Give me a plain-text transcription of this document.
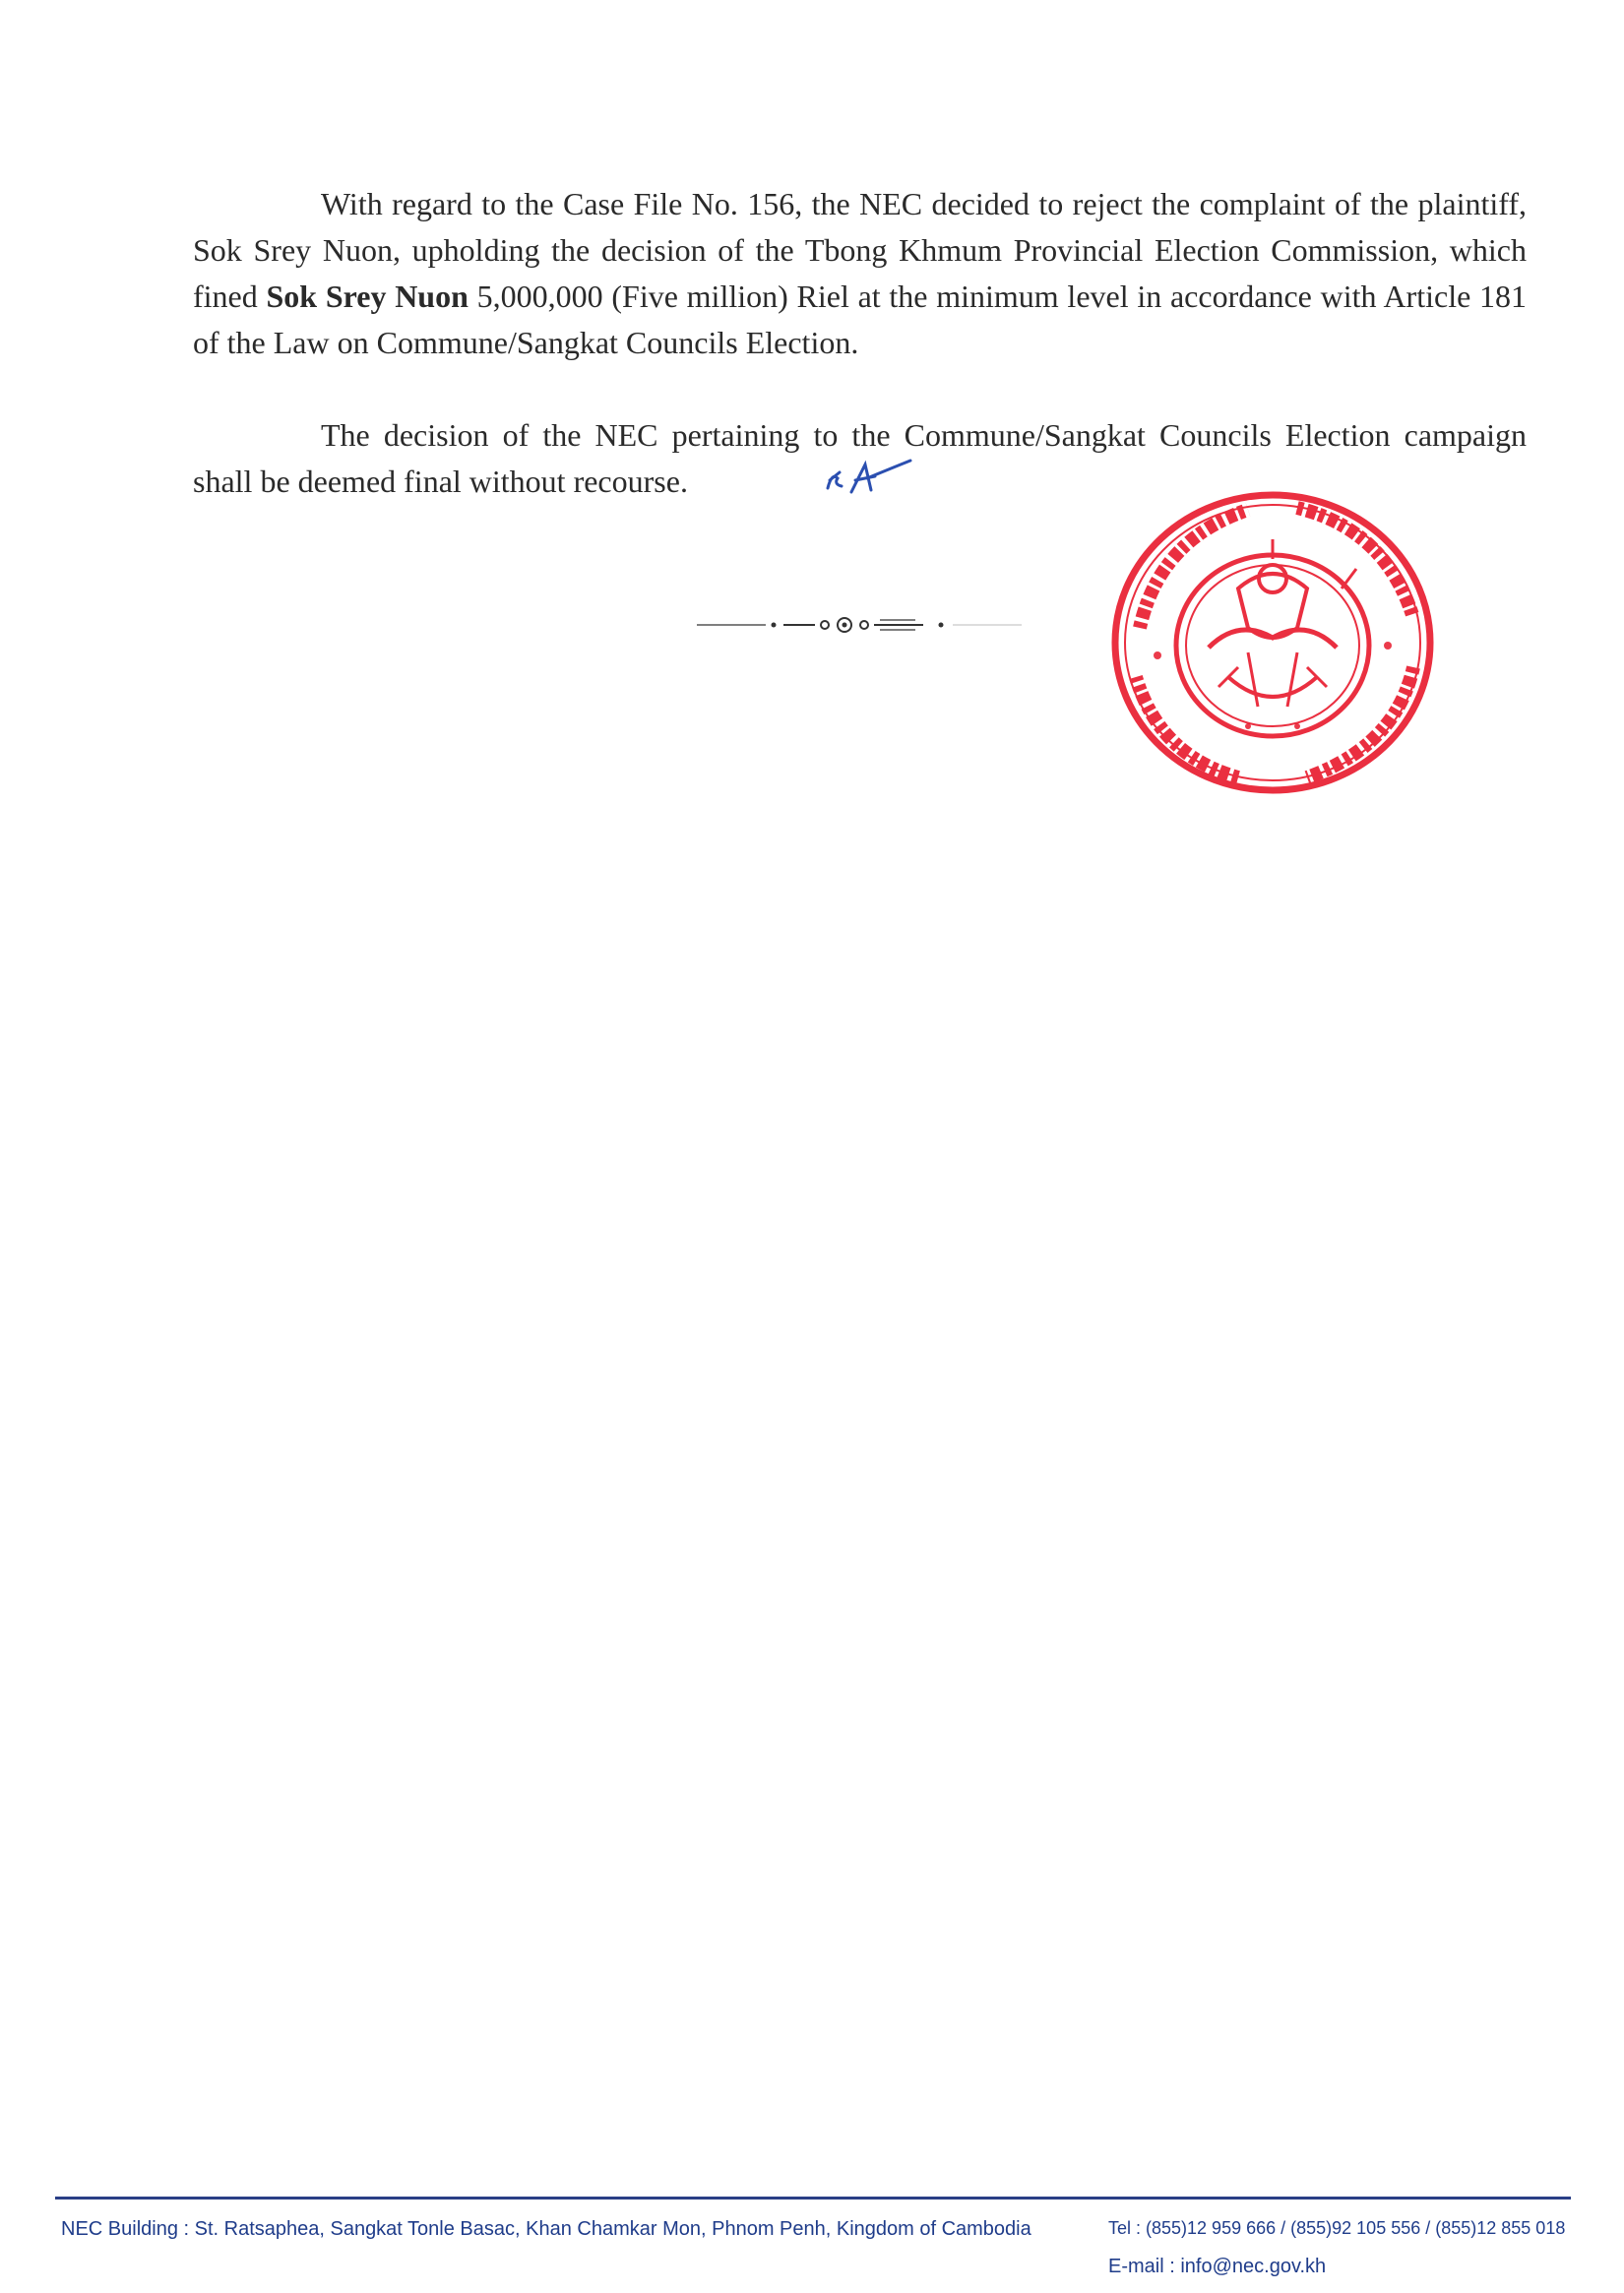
With regard to the Case File No. 156, the NEC decided to reject the complaint of the plaintiff, Sok Srey Nuon, upholding the decision of the Tbong Khmum Provincial Election Commission, which fined Sok Srey Nuon 5,000,000 (Five million) Riel at the minimum level in accordance with Article 181 of the Law on Commune/Sangkat Councils Election.

The decision of the NEC pertaining to the Commune/Sangkat Councils Election campaign shall be deemed final without recourse.

NEC Building : St. Ratsaphea, Sangkat Tonle Basac, Khan Chamkar Mon, Phnom Penh, Kingdom of Cambodia	Tel : (855)12 959 666 / (855)92 105 556 / (855)12 855 018
E-mail : info@nec.gov.kh
